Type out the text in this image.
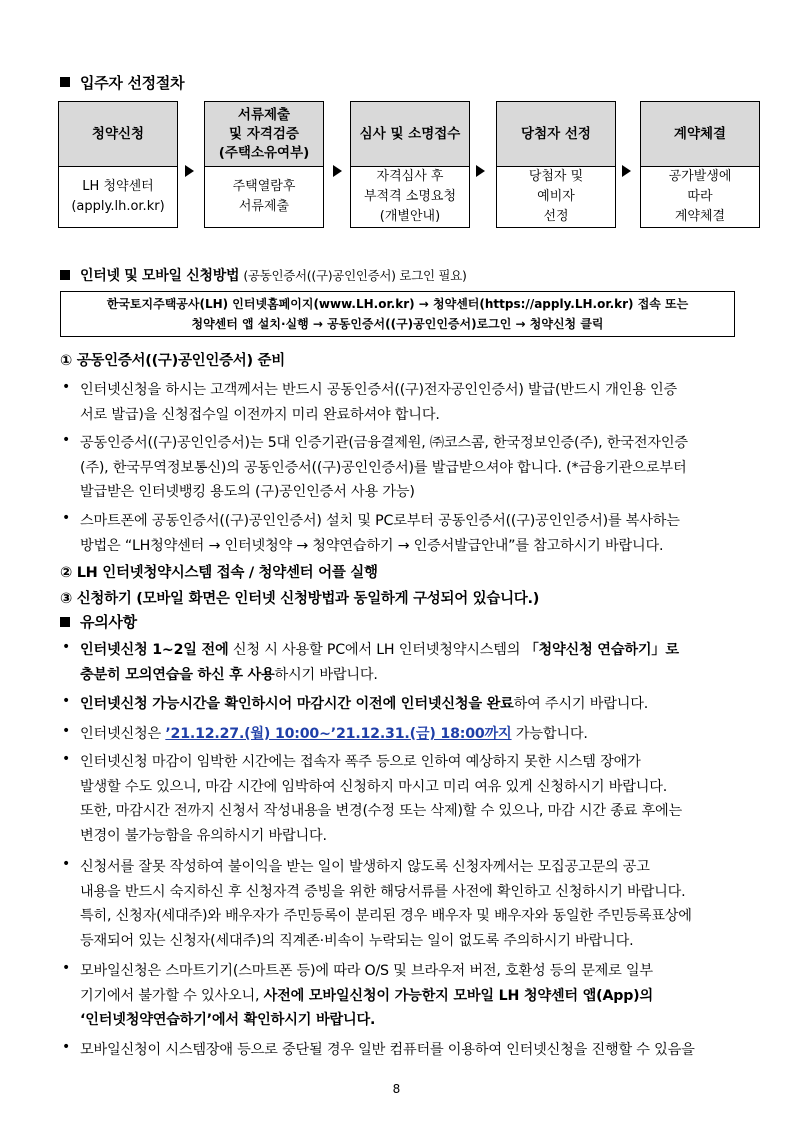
입주자 선정절차
청약신청
LH 청약센터
(apply.lh.or.kr)
서류제출
및 자격검증
(주택소유여부)
주택열람후
서류제출
심사 및 소명접수
자격심사 후
부적격 소명요청
(개별안내)
당첨자 선정
당첨자 및
예비자
선정
계약체결
공가발생에
따라
계약체결
인터넷 및 모바일 신청방법 (공동인증서((구)공인인증서) 로그인 필요)
한국토지주택공사(LH) 인터넷홈페이지(www.LH.or.kr) → 청약센터(https://apply.LH.or.kr) 접속 또는
청약센터 앱 설치·실행 → 공동인증서((구)공인인증서)로그인 → 청약신청 클릭
① 공동인증서((구)공인인증서) 준비
• 인터넷신청을 하시는 고객께서는 반드시 공동인증서((구)전자공인인증서) 발급(반드시 개인용 인증
서로 발급)을 신청접수일 이전까지 미리 완료하셔야 합니다.
• 공동인증서((구)공인인증서)는 5대 인증기관(금융결제원, ㈜코스콤, 한국정보인증(주), 한국전자인증
(주), 한국무역정보통신)의 공동인증서((구)공인인증서)를 발급받으셔야 합니다. (*금융기관으로부터
발급받은 인터넷뱅킹 용도의 (구)공인인증서 사용 가능)
• 스마트폰에 공동인증서((구)공인인증서) 설치 및 PC로부터 공동인증서((구)공인인증서)를 복사하는
방법은 “LH청약센터 → 인터넷청약 → 청약연습하기 → 인증서발급안내”를 참고하시기 바랍니다.
② LH 인터넷청약시스템 접속 / 청약센터 어플 실행
③ 신청하기 (모바일 화면은 인터넷 신청방법과 동일하게 구성되어 있습니다.)
유의사항
• 인터넷신청 1~2일 전에 신청 시 사용할 PC에서 LH 인터넷청약시스템의 「청약신청 연습하기」로
충분히 모의연습을 하신 후 사용하시기 바랍니다.
• 인터넷신청 가능시간을 확인하시어 마감시간 이전에 인터넷신청을 완료하여 주시기 바랍니다.
• 인터넷신청은 ’21.12.27.(월) 10:00~’21.12.31.(금) 18:00까지 가능합니다.
• 인터넷신청 마감이 임박한 시간에는 접속자 폭주 등으로 인하여 예상하지 못한 시스템 장애가
발생할 수도 있으니, 마감 시간에 임박하여 신청하지 마시고 미리 여유 있게 신청하시기 바랍니다.
또한, 마감시간 전까지 신청서 작성내용을 변경(수정 또는 삭제)할 수 있으나, 마감 시간 종료 후에는
변경이 불가능함을 유의하시기 바랍니다.
• 신청서를 잘못 작성하여 불이익을 받는 일이 발생하지 않도록 신청자께서는 모집공고문의 공고
내용을 반드시 숙지하신 후 신청자격 증빙을 위한 해당서류를 사전에 확인하고 신청하시기 바랍니다.
특히, 신청자(세대주)와 배우자가 주민등록이 분리된 경우 배우자 및 배우자와 동일한 주민등록표상에
등재되어 있는 신청자(세대주)의 직계존·비속이 누락되는 일이 없도록 주의하시기 바랍니다.
• 모바일신청은 스마트기기(스마트폰 등)에 따라 O/S 및 브라우저 버전, 호환성 등의 문제로 일부
기기에서 불가할 수 있사오니, 사전에 모바일신청이 가능한지 모바일 LH 청약센터 앱(App)의
‘인터넷청약연습하기’에서 확인하시기 바랍니다.
• 모바일신청이 시스템장애 등으로 중단될 경우 일반 컴퓨터를 이용하여 인터넷신청을 진행할 수 있음을
8
